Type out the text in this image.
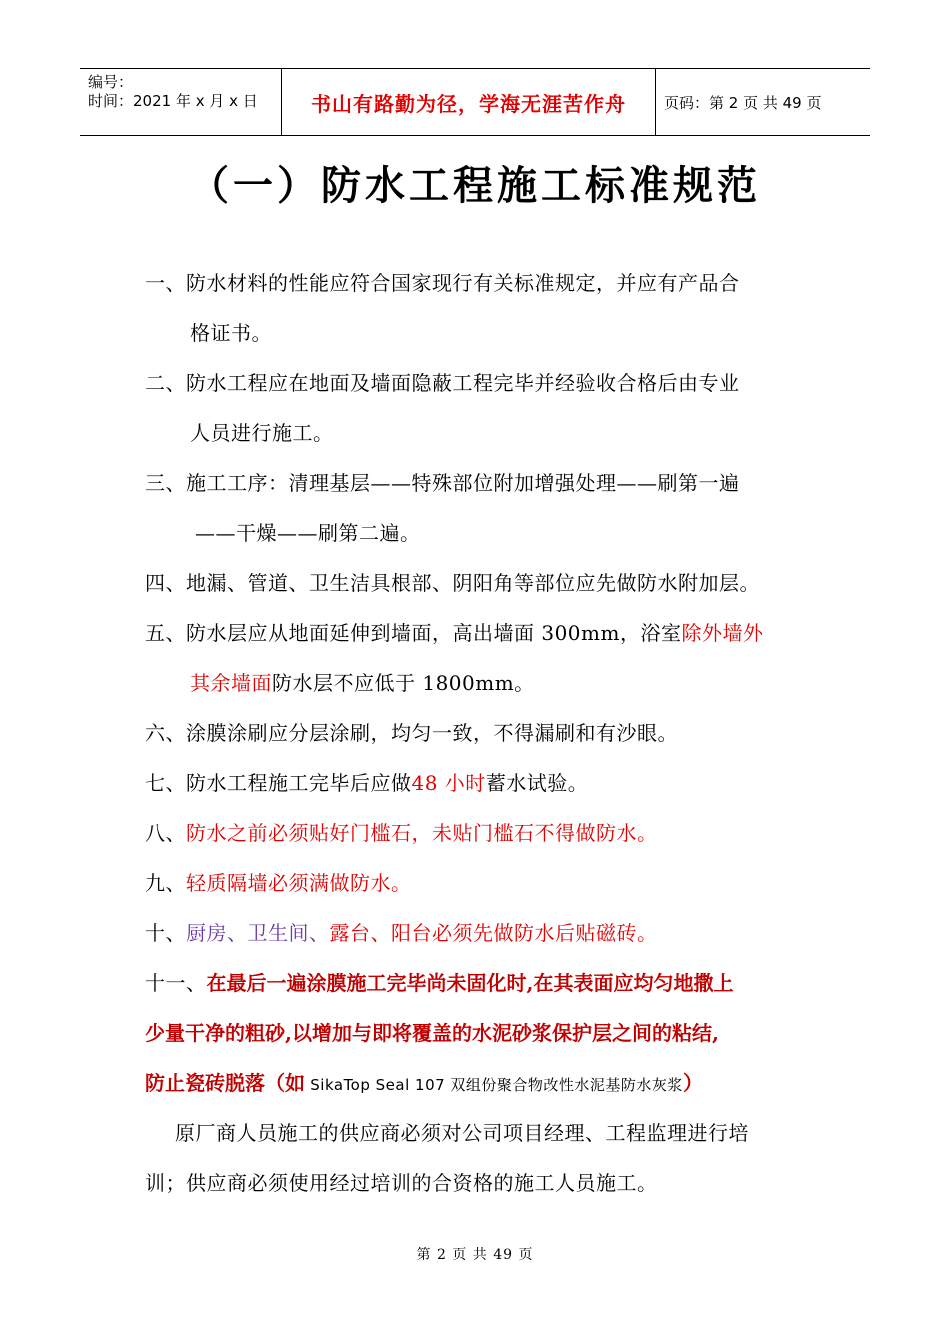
编号：
时间：2021 年 x 月 x 日	书山有路勤为径，学海无涯苦作舟	页码：第 2 页 共 49 页
（一）防水工程施工标准规范
一、防水材料的性能应符合国家现行有关标准规定，并应有产品合
格证书。
二、防水工程应在地面及墙面隐蔽工程完毕并经验收合格后由专业
人员进行施工。
三、施工工序：清理基层——特殊部位附加增强处理——刷第一遍
——干燥——刷第二遍。
四、地漏、管道、卫生洁具根部、阴阳角等部位应先做防水附加层。
五、防水层应从地面延伸到墙面，高出墙面 300mm，浴室除外墙外
其余墙面防水层不应低于 1800mm。
六、涂膜涂刷应分层涂刷，均匀一致，不得漏刷和有沙眼。
七、防水工程施工完毕后应做48 小时蓄水试验。
八、防水之前必须贴好门槛石，未贴门槛石不得做防水。
九、轻质隔墙必须满做防水。
十、厨房、卫生间、露台、阳台必须先做防水后贴磁砖。
十一、在最后一遍涂膜施工完毕尚未固化时,在其表面应均匀地撒上
少量干净的粗砂,以增加与即将覆盖的水泥砂浆保护层之间的粘结,
防止瓷砖脱落（如 SikaTop Seal 107 双组份聚合物改性水泥基防水灰浆）
原厂商人员施工的供应商必须对公司项目经理、工程监理进行培
训；供应商必须使用经过培训的合资格的施工人员施工。
第 2 页 共 49 页
